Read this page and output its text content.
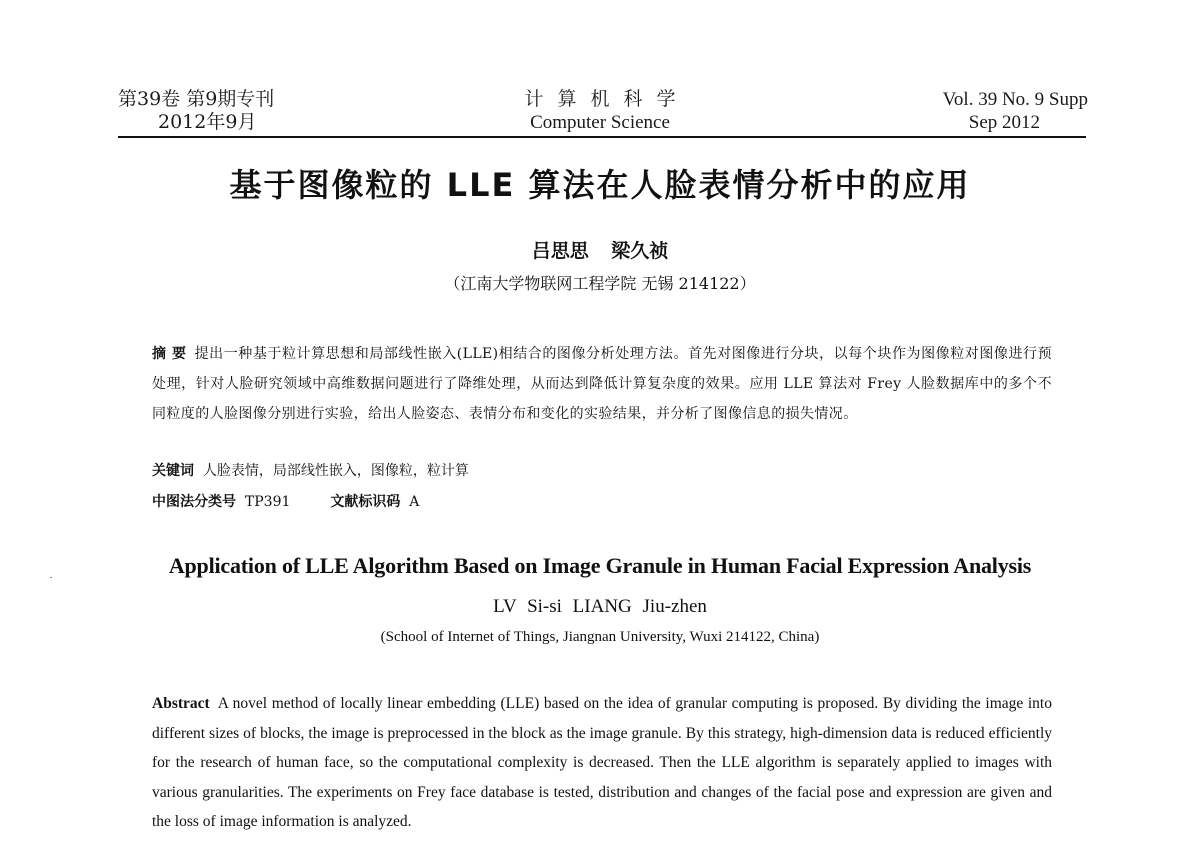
第39卷 第9期专刊
2012年9月
计算机科学
Computer Science
Vol. 39 No. 9 Supp
Sep 2012
基于图像粒的 LLE 算法在人脸表情分析中的应用
吕思思 梁久祯
（江南大学物联网工程学院 无锡 214122）
摘 要 提出一种基于粒计算思想和局部线性嵌入(LLE)相结合的图像分析处理方法。首先对图像进行分块，以每个块作为图像粒对图像进行预处理，针对人脸研究领域中高维数据问题进行了降维处理，从而达到降低计算复杂度的效果。应用 LLE 算法对 Frey 人脸数据库中的多个不同粒度的人脸图像分别进行实验，给出人脸姿态、表情分布和变化的实验结果，并分析了图像信息的损失情况。
关键词 人脸表情，局部线性嵌入，图像粒，粒计算
中图法分类号 TP391	文献标识码 A
Application of LLE Algorithm Based on Image Granule in Human Facial Expression Analysis
LV Si-si LIANG Jiu-zhen
(School of Internet of Things, Jiangnan University, Wuxi 214122, China)
Abstract A novel method of locally linear embedding (LLE) based on the idea of granular computing is proposed. By dividing the image into different sizes of blocks, the image is preprocessed in the block as the image granule. By this strategy, high-dimension data is reduced efficiently for the research of human face, so the computational complexity is decreased. Then the LLE algorithm is separately applied to images with various granularities. The experiments on Frey face database is tested, distribution and changes of the facial pose and expression are given and the loss of image information is analyzed.
